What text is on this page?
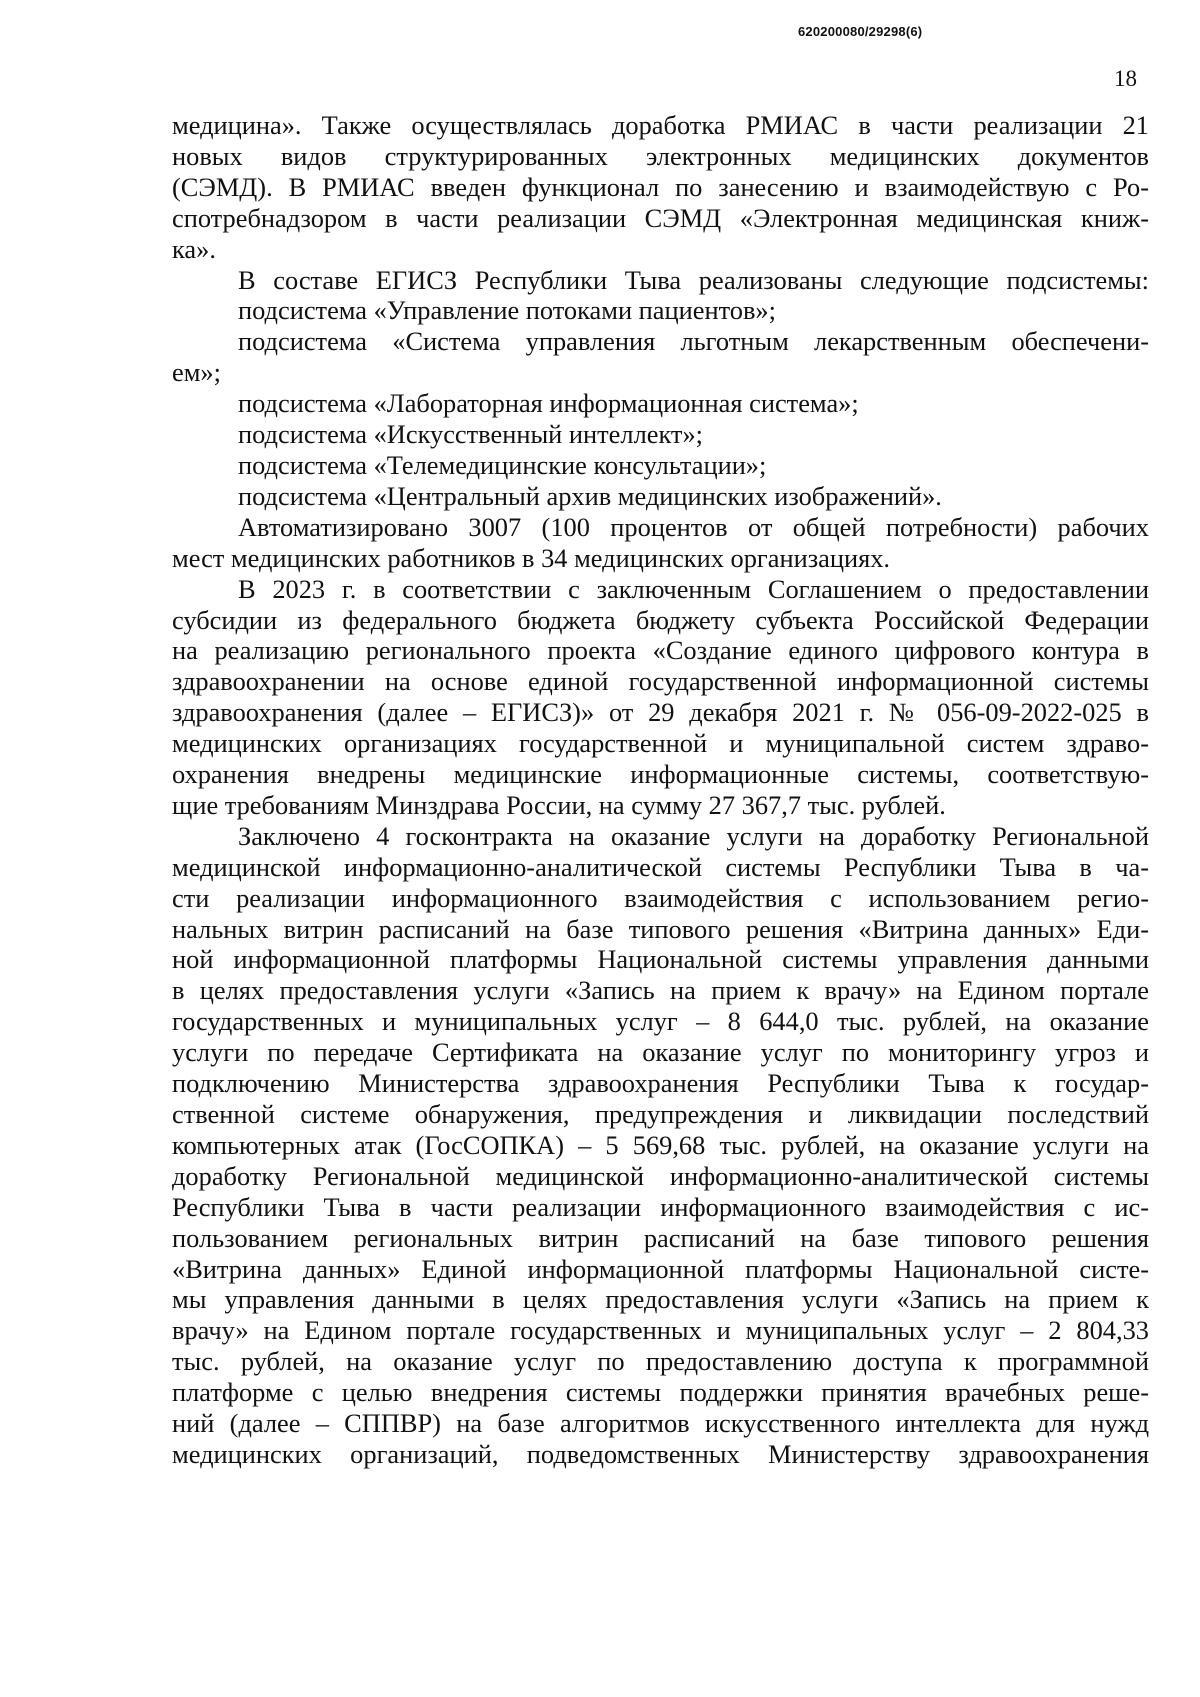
620200080/29298(6)
18
медицина». Также осуществлялась доработка РМИАС в части реализации 21
новых видов структурированных электронных медицинских документов
(СЭМД). В РМИАС введен функционал по занесению и взаимодействую с Ро-
спотребнадзором в части реализации СЭМД «Электронная медицинская книж-
ка».
В составе ЕГИСЗ Республики Тыва реализованы следующие подсистемы:
подсистема «Управление потоками пациентов»;
подсистема «Система управления льготным лекарственным обеспечени-
ем»;
подсистема «Лабораторная информационная система»;
подсистема «Искусственный интеллект»;
подсистема «Телемедицинские консультации»;
подсистема «Центральный архив медицинских изображений».
Автоматизировано 3007 (100 процентов от общей потребности) рабочих
мест медицинских работников в 34 медицинских организациях.
В 2023 г. в соответствии с заключенным Соглашением о предоставлении
субсидии из федерального бюджета бюджету субъекта Российской Федерации
на реализацию регионального проекта «Создание единого цифрового контура в
здравоохранении на основе единой государственной информационной системы
здравоохранения (далее – ЕГИСЗ)» от 29 декабря 2021 г. № 056-09-2022-025 в
медицинских организациях государственной и муниципальной систем здраво-
охранения внедрены медицинские информационные системы, соответствую-
щие требованиям Минздрава России, на сумму 27 367,7 тыс. рублей.
Заключено 4 госконтракта на оказание услуги на доработку Региональной
медицинской информационно-аналитической системы Республики Тыва в ча-
сти реализации информационного взаимодействия с использованием регио-
нальных витрин расписаний на базе типового решения «Витрина данных» Еди-
ной информационной платформы Национальной системы управления данными
в целях предоставления услуги «Запись на прием к врачу» на Едином портале
государственных и муниципальных услуг – 8 644,0 тыс. рублей, на оказание
услуги по передаче Сертификата на оказание услуг по мониторингу угроз и
подключению Министерства здравоохранения Республики Тыва к государ-
ственной системе обнаружения, предупреждения и ликвидации последствий
компьютерных атак (ГосСОПКА) – 5 569,68 тыс. рублей, на оказание услуги на
доработку Региональной медицинской информационно-аналитической системы
Республики Тыва в части реализации информационного взаимодействия с ис-
пользованием региональных витрин расписаний на базе типового решения
«Витрина данных» Единой информационной платформы Национальной систе-
мы управления данными в целях предоставления услуги «Запись на прием к
врачу» на Едином портале государственных и муниципальных услуг – 2 804,33
тыс. рублей, на оказание услуг по предоставлению доступа к программной
платформе с целью внедрения системы поддержки принятия врачебных реше-
ний (далее – СППВР) на базе алгоритмов искусственного интеллекта для нужд
медицинских организаций, подведомственных Министерству здравоохранения
